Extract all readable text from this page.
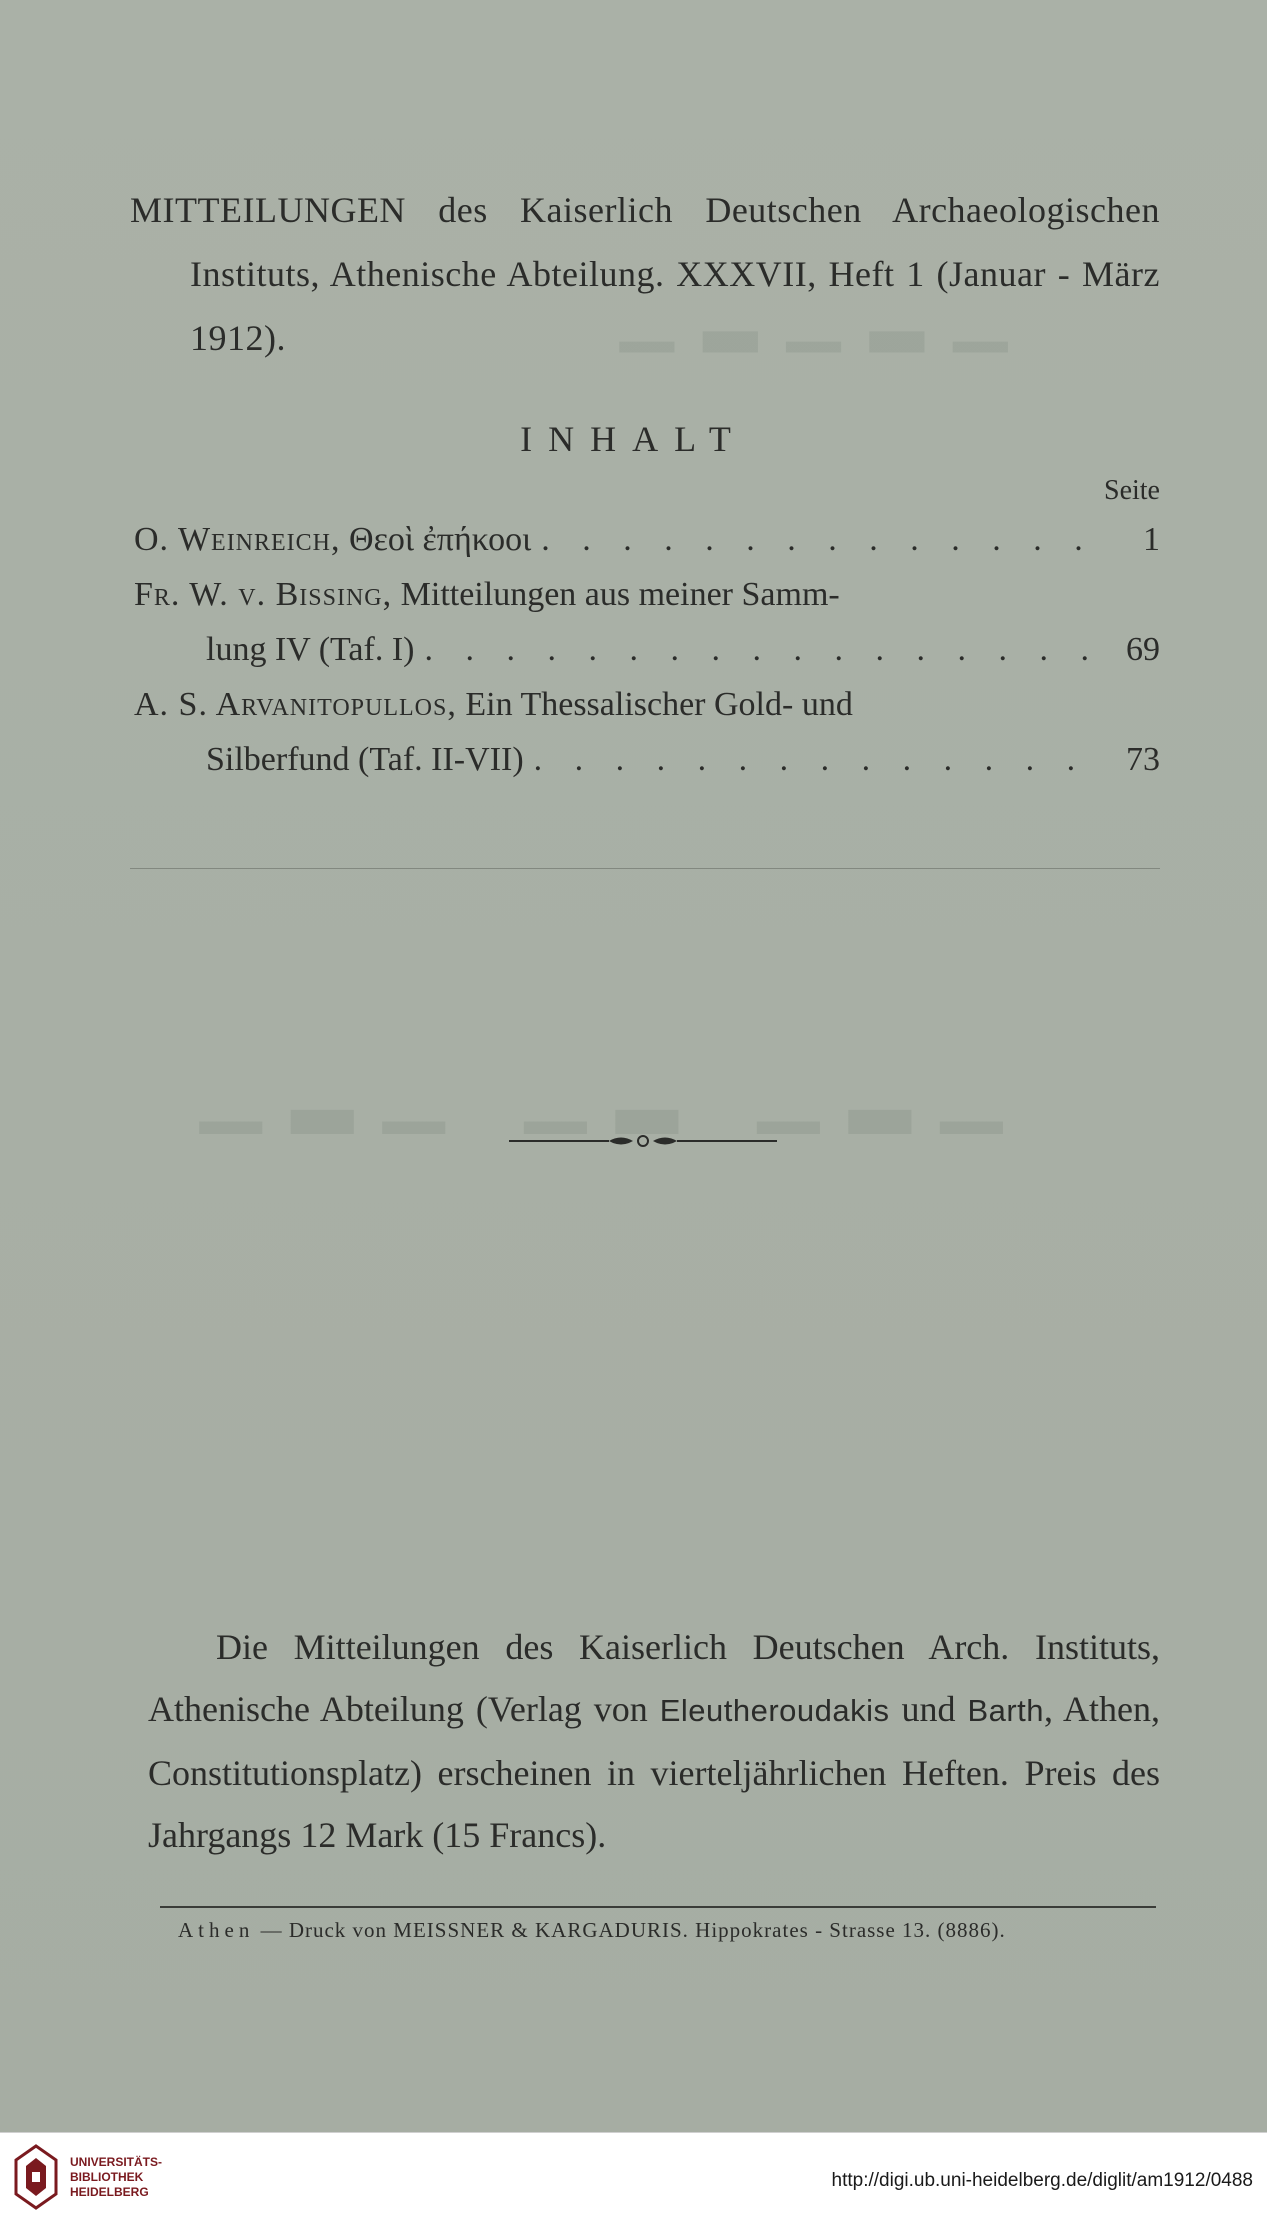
▁ ▂ ▁ ▂ ▁
▁▂▁ ▁▂ ▁▂▁

MITTEILUNGEN des Kaiserlich Deutschen Archaeologischen Instituts, Athenische Abteilung. XXXVII, Heft 1 (Januar - März 1912).

INHALT
Seite
O. Weinreich, Θεοὶ ἐπήκοοι . . .	1
Fr. W. v. Bissing, Mitteilungen aus meiner Samm-
lung IV (Taf. I) . . .	69
A. S. Arvanitopullos, Ein Thessalischer Gold- und
Silberfund (Taf. II-VII) . . .	73
Die Mitteilungen des Kaiserlich Deutschen Arch. Instituts, Athenische Abteilung (Verlag von Eleutheroudakis und Barth, Athen, Constitutionsplatz) erscheinen in vierteljährlichen Heften. Preis des Jahrgangs 12 Mark (15 Francs).
Athen — Druck von MEISSNER & KARGADURIS. Hippokrates - Strasse 13. (8886).
UNIVERSITÄTS-
BIBLIOTHEK
HEIDELBERG
http://digi.ub.uni-heidelberg.de/diglit/am1912/0488
